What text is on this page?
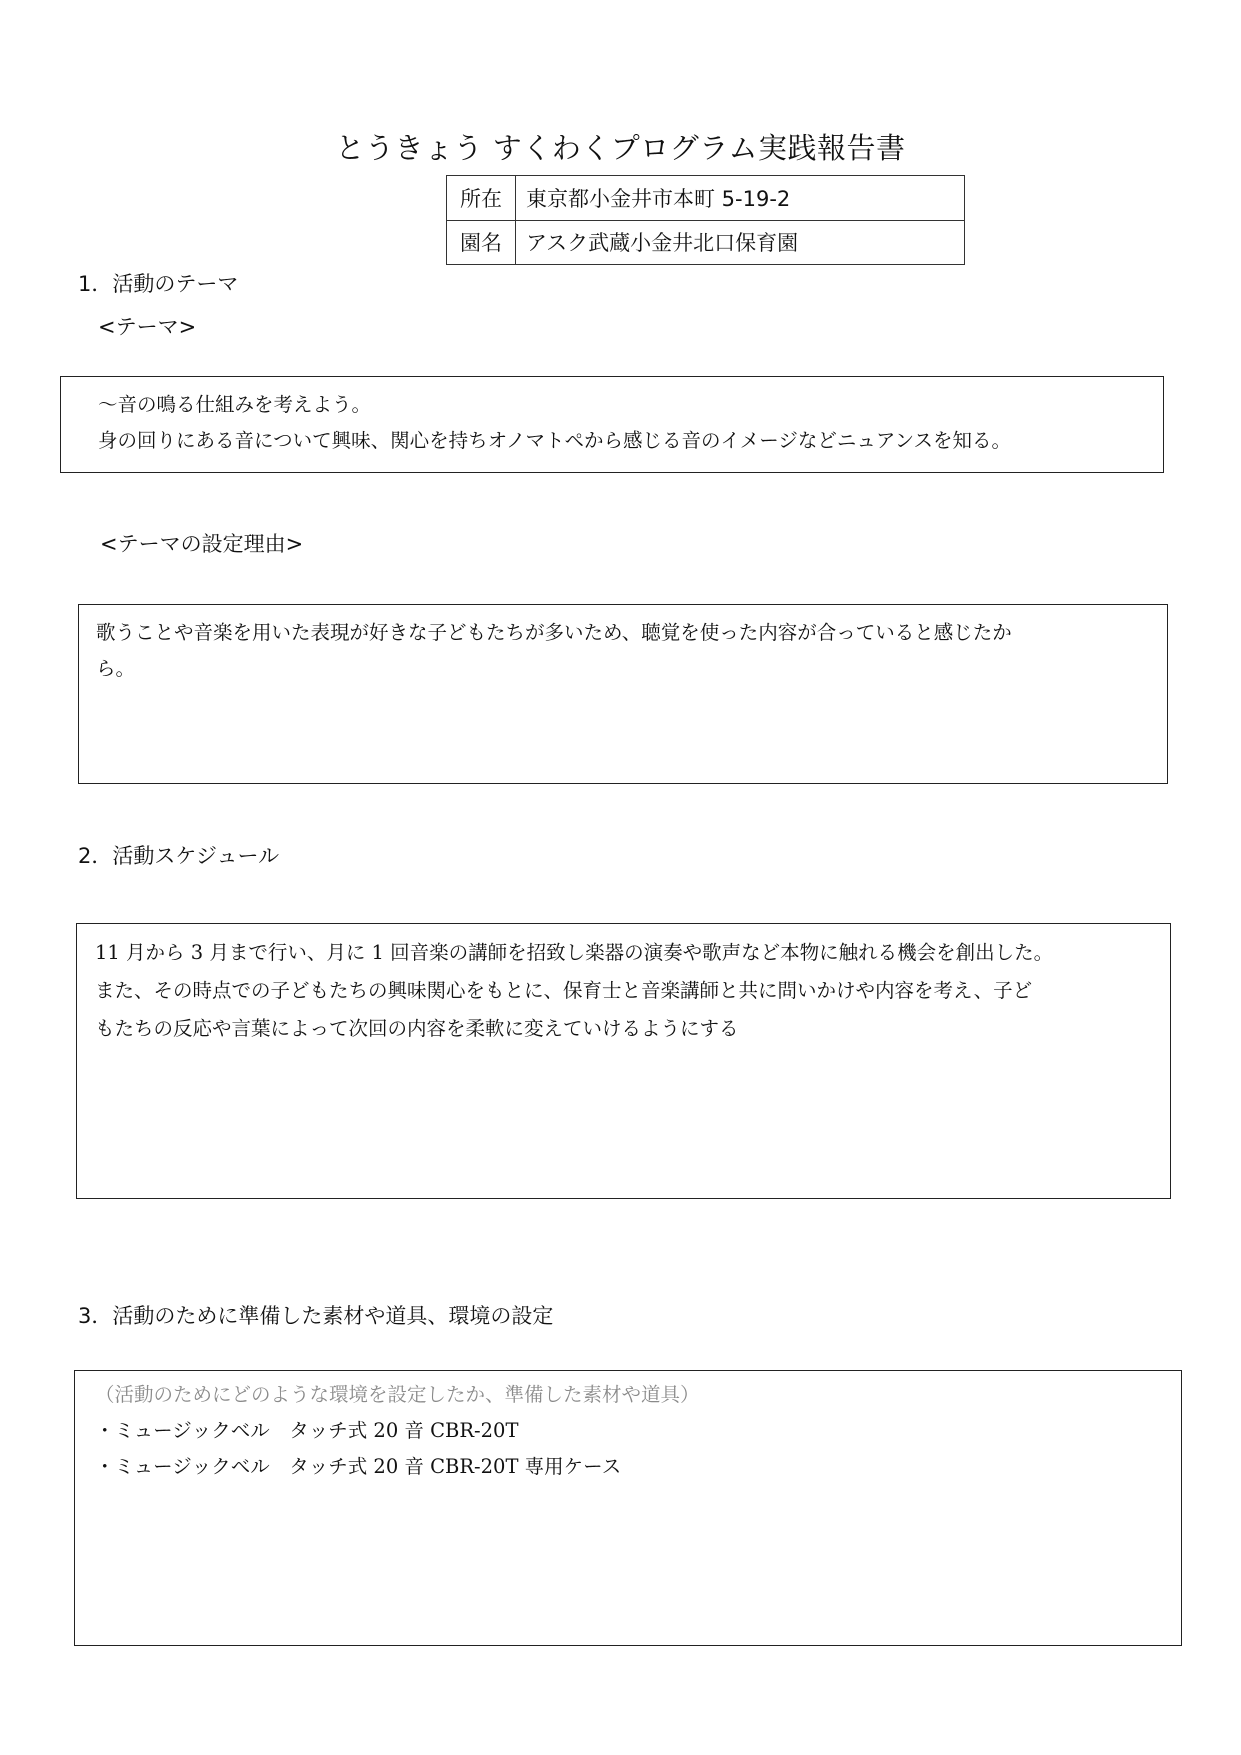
とうきょう すくわくプログラム実践報告書
所在	東京都小金井市本町 5-19-2
園名	アスク武蔵小金井北口保育園
1．活動のテーマ
<テーマ>

～音の鳴る仕組みを考えよう。

身の回りにある音について興味、関心を持ちオノマトペから感じる音のイメージなどニュアンスを知る。

<テーマの設定理由>

歌うことや音楽を用いた表現が好きな子どもたちが多いため、聴覚を使った内容が合っていると感じたか

ら。

2．活動スケジュール

11 月から 3 月まで行い、月に 1 回音楽の講師を招致し楽器の演奏や歌声など本物に触れる機会を創出した。

また、その時点での子どもたちの興味関心をもとに、保育士と音楽講師と共に問いかけや内容を考え、子ど

もたちの反応や言葉によって次回の内容を柔軟に変えていけるようにする

3．活動のために準備した素材や道具、環境の設定

（活動のためにどのような環境を設定したか、準備した素材や道具）

・ミュージックベル　タッチ式 20 音 CBR-20T

・ミュージックベル　タッチ式 20 音 CBR-20T 専用ケース
